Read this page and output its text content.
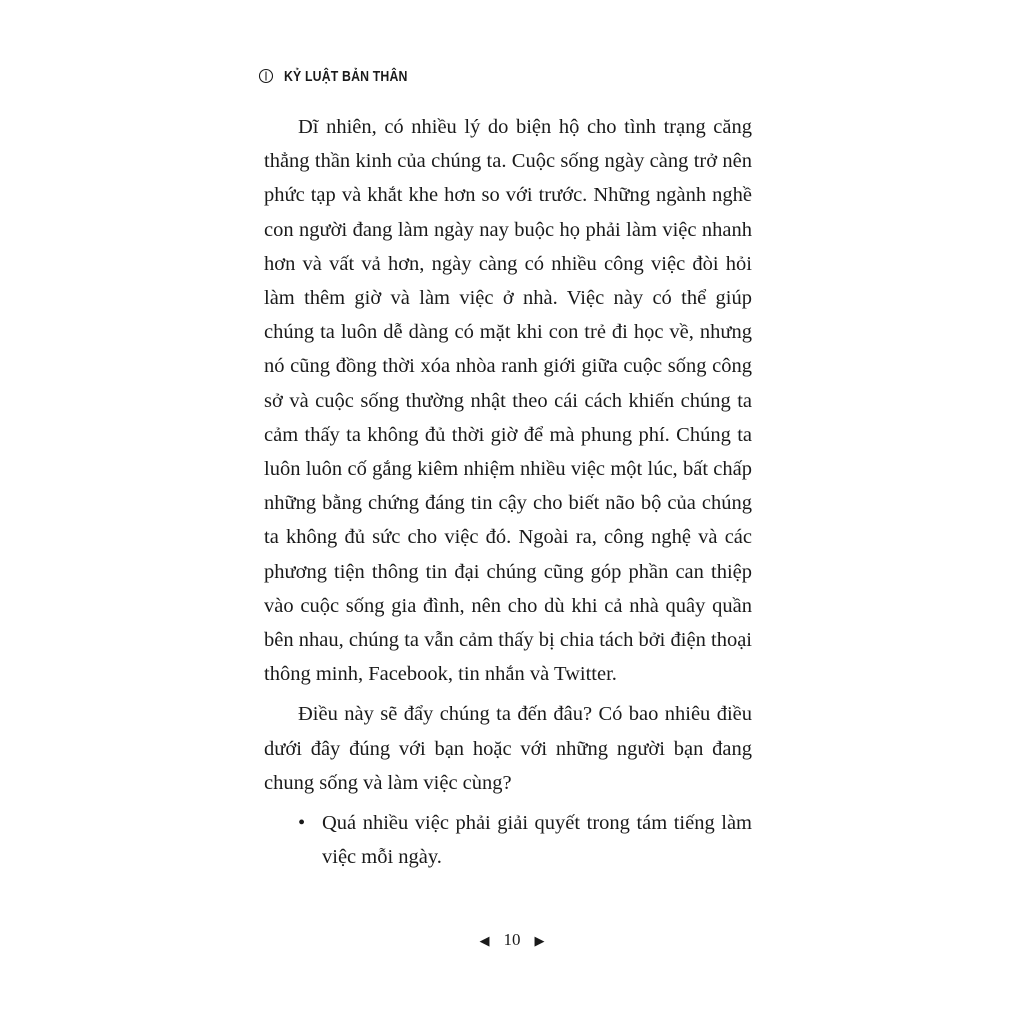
KỶ LUẬT BẢN THÂN

Dĩ nhiên, có nhiều lý do biện hộ cho tình trạng căng thẳng thần kinh của chúng ta. Cuộc sống ngày càng trở nên phức tạp và khắt khe hơn so với trước. Những ngành nghề con người đang làm ngày nay buộc họ phải làm việc nhanh hơn và vất vả hơn, ngày càng có nhiều công việc đòi hỏi làm thêm giờ và làm việc ở nhà. Việc này có thể giúp chúng ta luôn dễ dàng có mặt khi con trẻ đi học về, nhưng nó cũng đồng thời xóa nhòa ranh giới giữa cuộc sống công sở và cuộc sống thường nhật theo cái cách khiến chúng ta cảm thấy ta không đủ thời giờ để mà phung phí. Chúng ta luôn luôn cố gắng kiêm nhiệm nhiều việc một lúc, bất chấp những bằng chứng đáng tin cậy cho biết não bộ của chúng ta không đủ sức cho việc đó. Ngoài ra, công nghệ và các phương tiện thông tin đại chúng cũng góp phần can thiệp vào cuộc sống gia đình, nên cho dù khi cả nhà quây quần bên nhau, chúng ta vẫn cảm thấy bị chia tách bởi điện thoại thông minh, Facebook, tin nhắn và Twitter.

Điều này sẽ đẩy chúng ta đến đâu? Có bao nhiêu điều dưới đây đúng với bạn hoặc với những người bạn đang chung sống và làm việc cùng?

• Quá nhiều việc phải giải quyết trong tám tiếng làm việc mỗi ngày.
◀ 10 ▶
